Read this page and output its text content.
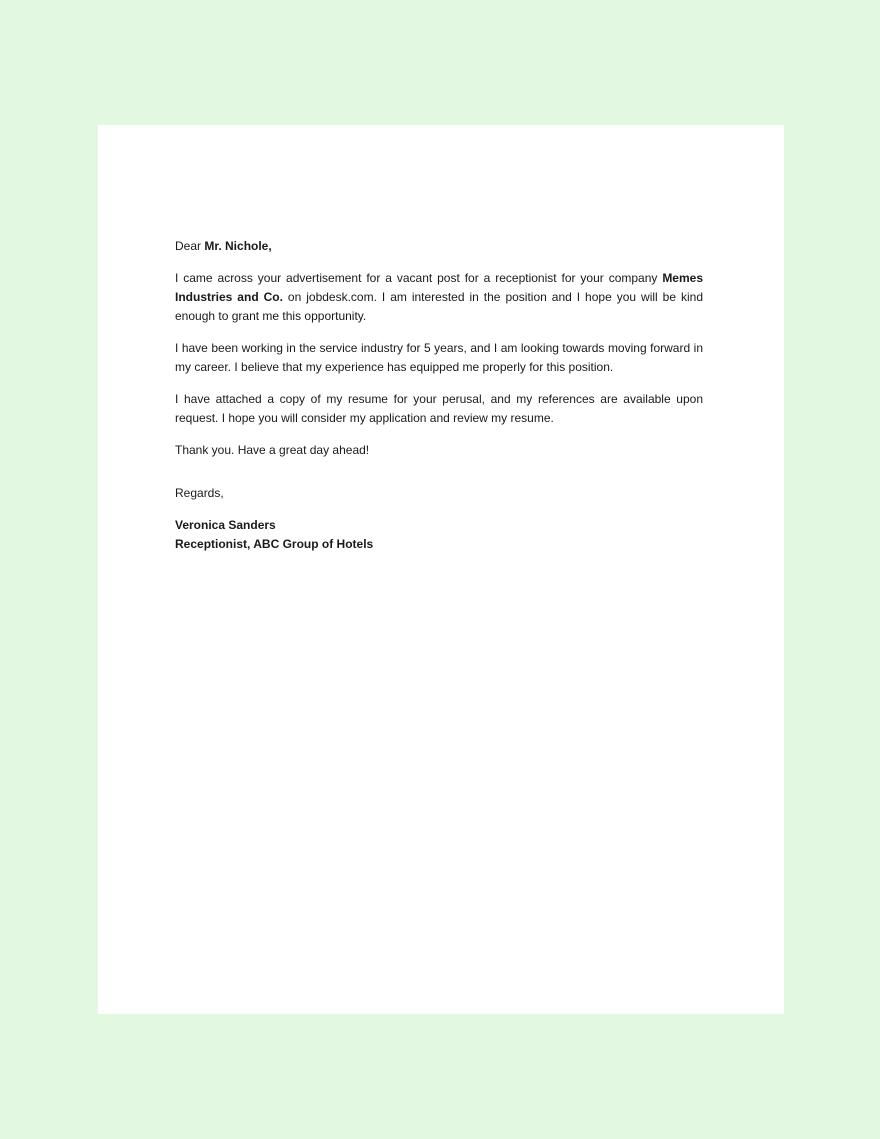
Dear Mr. Nichole,

I came across your advertisement for a vacant post for a receptionist for your company Memes Industries and Co. on jobdesk.com. I am interested in the position and I hope you will be kind enough to grant me this opportunity.

I have been working in the service industry for 5 years, and I am looking towards moving forward in my career. I believe that my experience has equipped me properly for this position.

I have attached a copy of my resume for your perusal, and my references are available upon request. I hope you will consider my application and review my resume.

Thank you. Have a great day ahead!

Regards,

Veronica Sanders

Receptionist, ABC Group of Hotels
